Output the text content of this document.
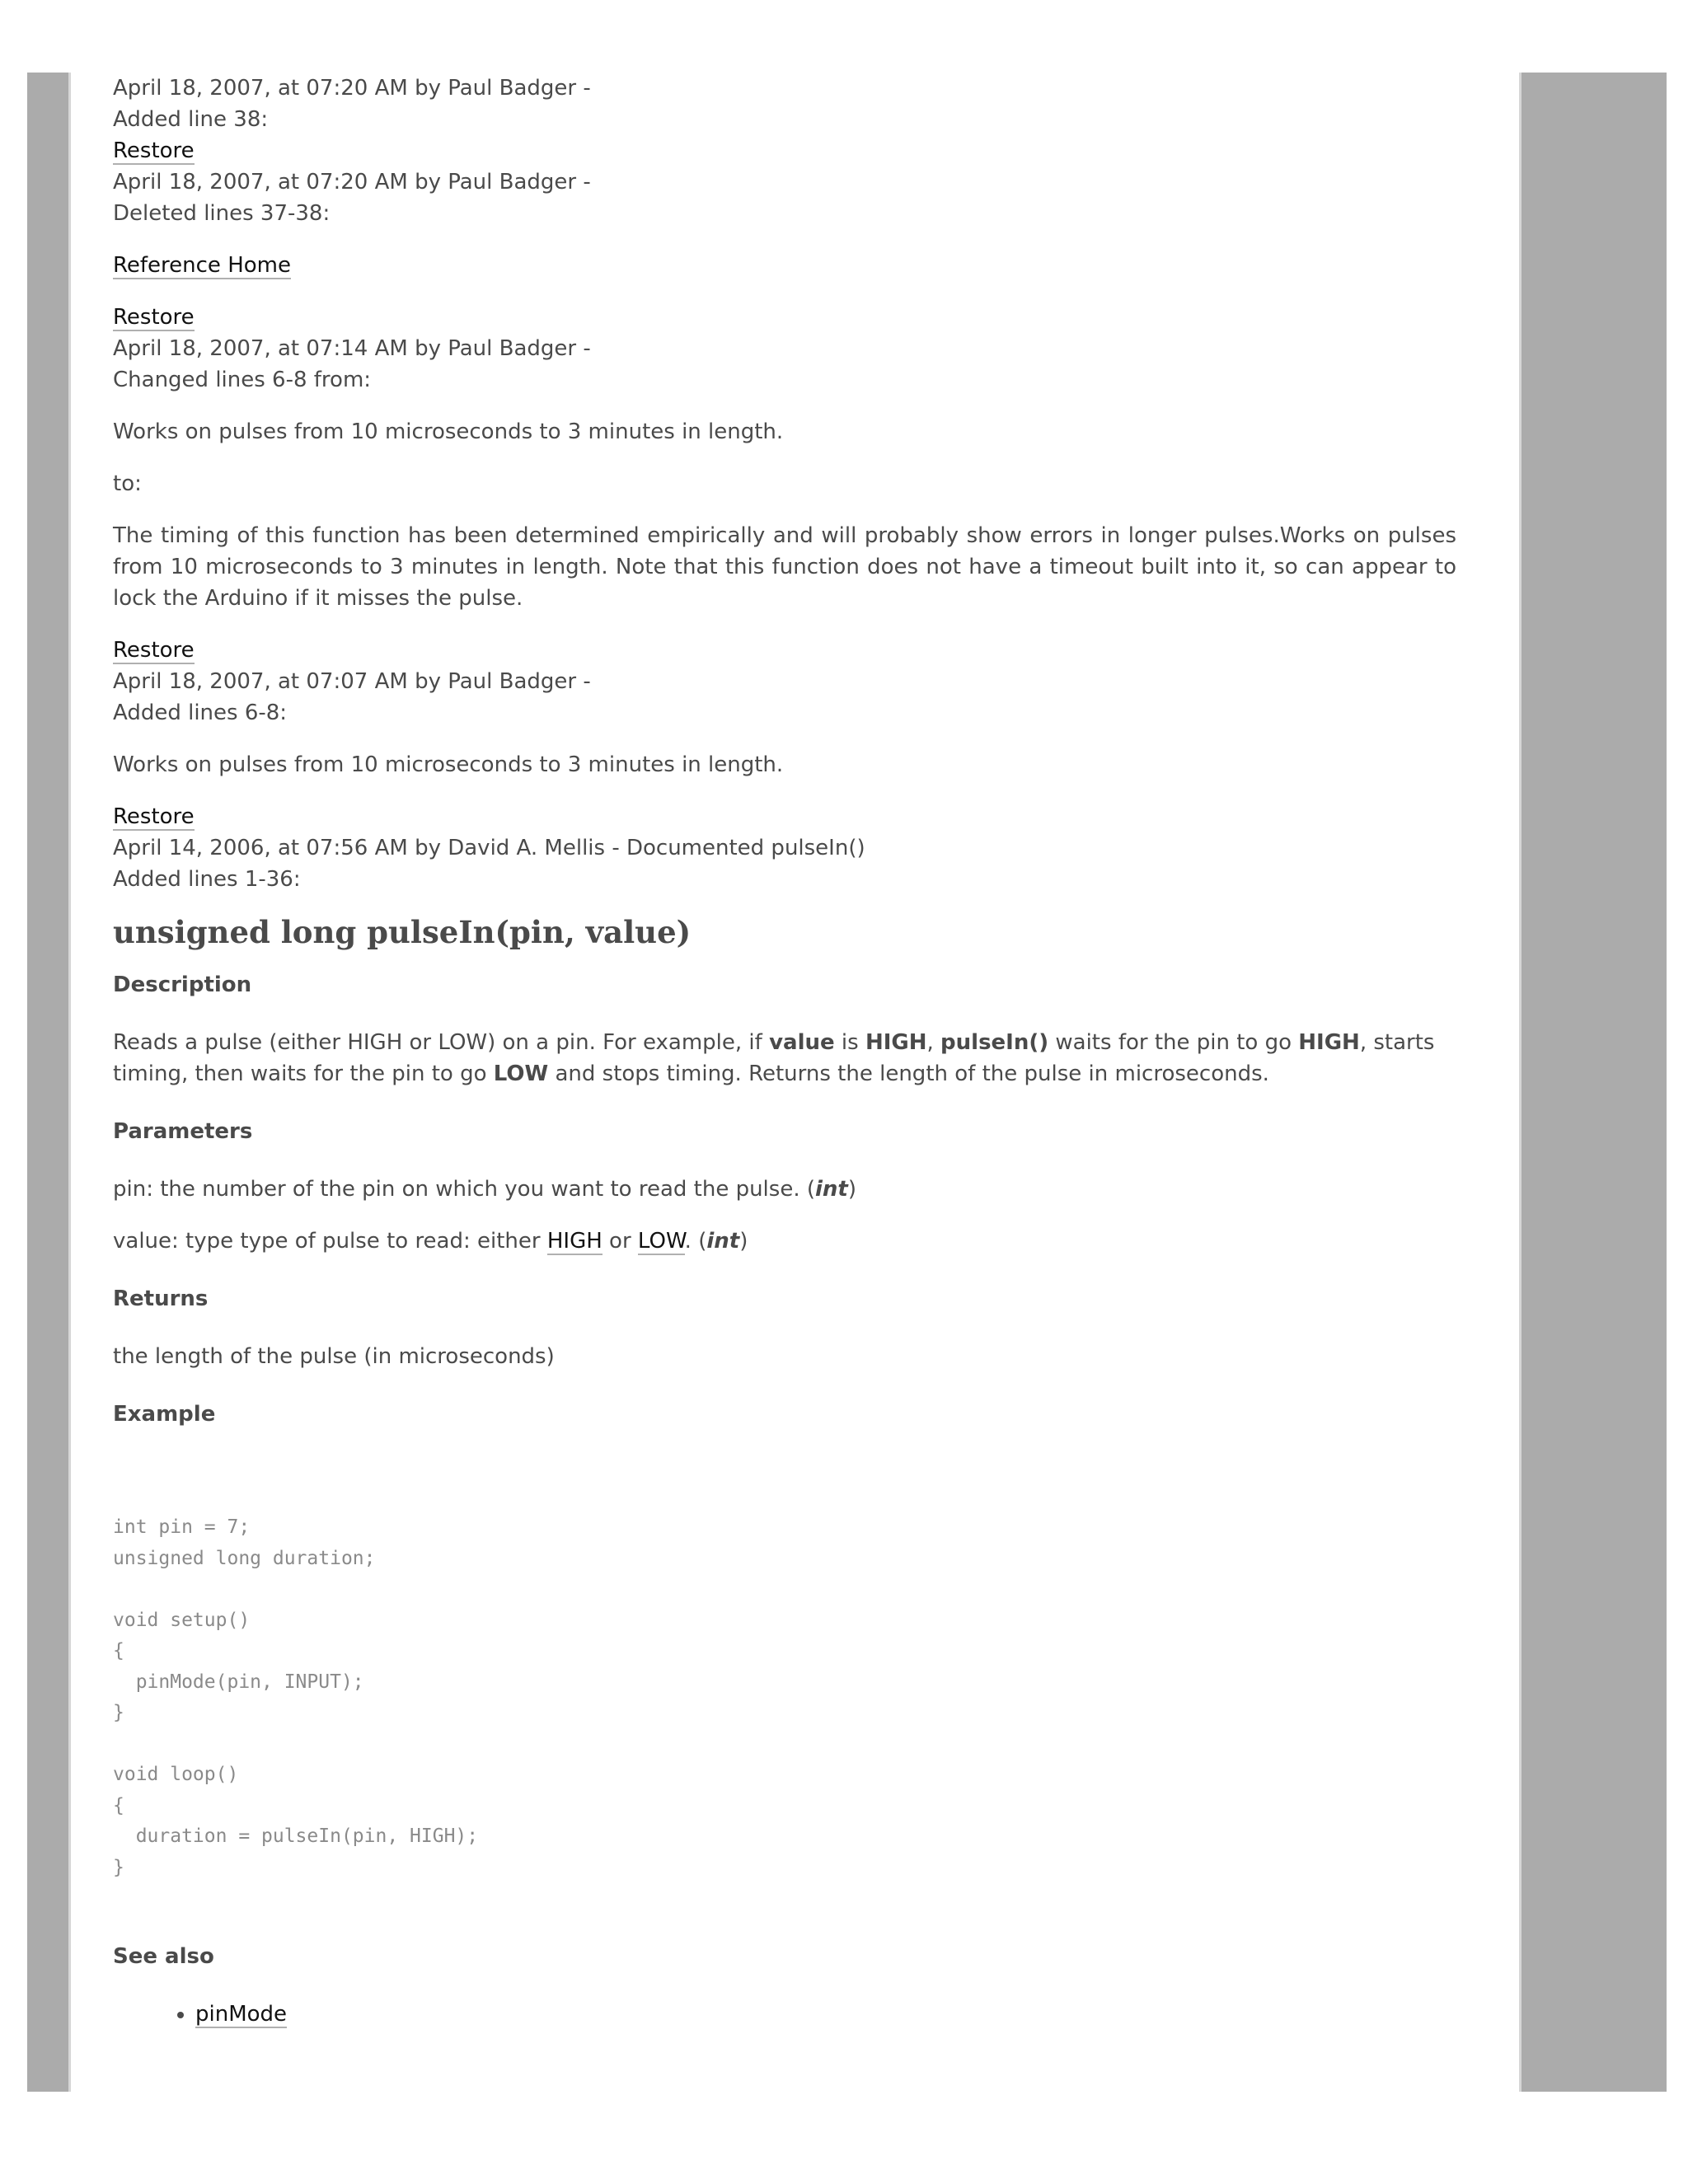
April 18, 2007, at 07:20 AM by Paul Badger -
Added line 38:
Restore
April 18, 2007, at 07:20 AM by Paul Badger -
Deleted lines 37-38:
Reference Home
Restore
April 18, 2007, at 07:14 AM by Paul Badger -
Changed lines 6-8 from:
Works on pulses from 10 microseconds to 3 minutes in length.
to:

The timing of this function has been determined empirically and will probably show errors in longer pulses.Works on pulses from 10 microseconds to 3 minutes in length. Note that this function does not have a timeout built into it, so can appear to lock the Arduino if it misses the pulse.

Restore
April 18, 2007, at 07:07 AM by Paul Badger -
Added lines 6-8:
Works on pulses from 10 microseconds to 3 minutes in length.
Restore
April 14, 2006, at 07:56 AM by David A. Mellis - Documented pulseIn()
Added lines 1-36:
unsigned long pulseIn(pin, value)

Description

Reads a pulse (either HIGH or LOW) on a pin. For example, if value is HIGH, pulseIn() waits for the pin to go HIGH, starts timing, then waits for the pin to go LOW and stops timing. Returns the length of the pulse in microseconds.

Parameters

pin: the number of the pin on which you want to read the pulse. (int)

value: type type of pulse to read: either HIGH or LOW. (int)

Returns

the length of the pulse (in microseconds)

Example

int pin = 7;
unsigned long duration;

void setup()
{
pinMode(pin, INPUT);
}

void loop()
{
duration = pulseIn(pin, HIGH);
}

See also

• pinMode
